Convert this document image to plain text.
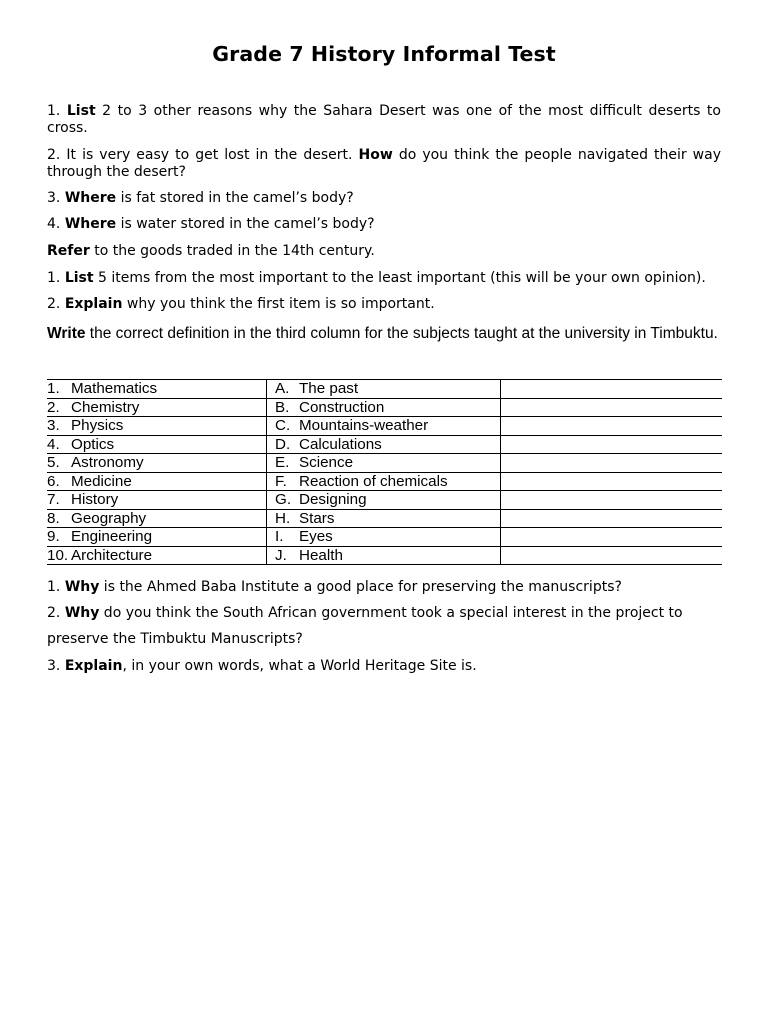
Grade 7 History Informal Test

1. List 2 to 3 other reasons why the Sahara Desert was one of the most difficult deserts to cross.

2. It is very easy to get lost in the desert. How do you think the people navigated their way through the desert?

3. Where is fat stored in the camel’s body?

4. Where is water stored in the camel’s body?

Refer to the goods traded in the 14th century.

1. List 5 items from the most important to the least important (this will be your own opinion).

2. Explain why you think the first item is so important.

Write the correct definition in the third column for the subjects taught at the university in Timbuktu.

1. Mathematics	A. The past	
2. Chemistry	B. Construction	
3. Physics	C. Mountains-weather	
4. Optics	D. Calculations	
5. Astronomy	E. Science	
6. Medicine	F. Reaction of chemicals	
7. History	G. Designing	
8. Geography	H. Stars	
9. Engineering	I. Eyes	
10. Architecture	J. Health	

1. Why is the Ahmed Baba Institute a good place for preserving the manuscripts?

2. Why do you think the South African government took a special interest in the project to

preserve the Timbuktu Manuscripts?

3. Explain, in your own words, what a World Heritage Site is.
